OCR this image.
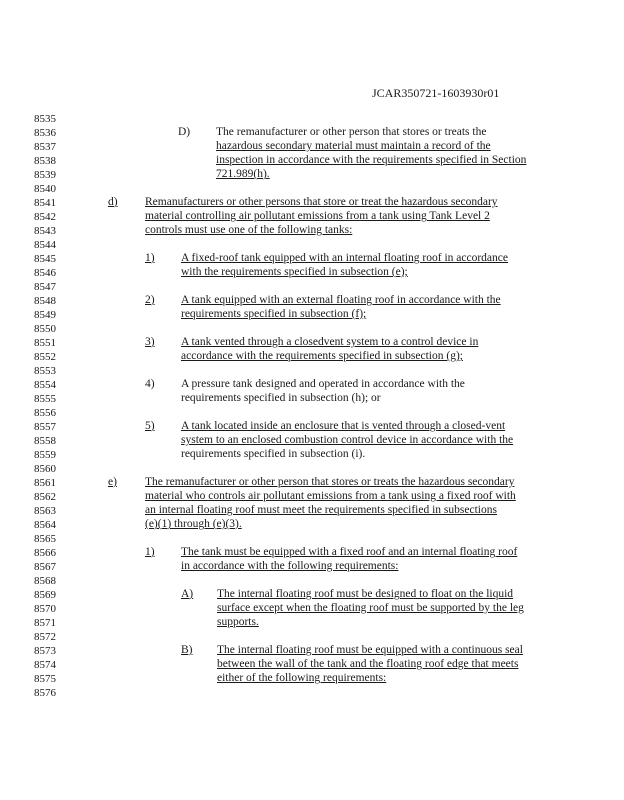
JCAR350721-1603930r01
8535
8536
8537
8538
8539
8540
8541
8542
8543
8544
8545
8546
8547
8548
8549
8550
8551
8552
8553
8554
8555
8556
8557
8558
8559
8560
8561
8562
8563
8564
8565
8566
8567
8568
8569
8570
8571
8572
8573
8574
8575
8576
D) The remanufacturer or other person that stores or treats the
hazardous secondary material must maintain a record of the
inspection in accordance with the requirements specified in Section
721.989(h).
d) Remanufacturers or other persons that store or treat the hazardous secondary
material controlling air pollutant emissions from a tank using Tank Level 2
controls must use one of the following tanks:
1) A fixed-roof tank equipped with an internal floating roof in accordance
with the requirements specified in subsection (e);
2) A tank equipped with an external floating roof in accordance with the
requirements specified in subsection (f);
3) A tank vented through a closedvent system to a control device in
accordance with the requirements specified in subsection (g);
4) A pressure tank designed and operated in accordance with the
requirements specified in subsection (h); or
5) A tank located inside an enclosure that is vented through a closed-vent
system to an enclosed combustion control device in accordance with the
requirements specified in subsection (i).
e) The remanufacturer or other person that stores or treats the hazardous secondary
material who controls air pollutant emissions from a tank using a fixed roof with
an internal floating roof must meet the requirements specified in subsections
(e)(1) through (e)(3).
1) The tank must be equipped with a fixed roof and an internal floating roof
in accordance with the following requirements:
A) The internal floating roof must be designed to float on the liquid
surface except when the floating roof must be supported by the leg
supports.
B) The internal floating roof must be equipped with a continuous seal
between the wall of the tank and the floating roof edge that meets
either of the following requirements:
